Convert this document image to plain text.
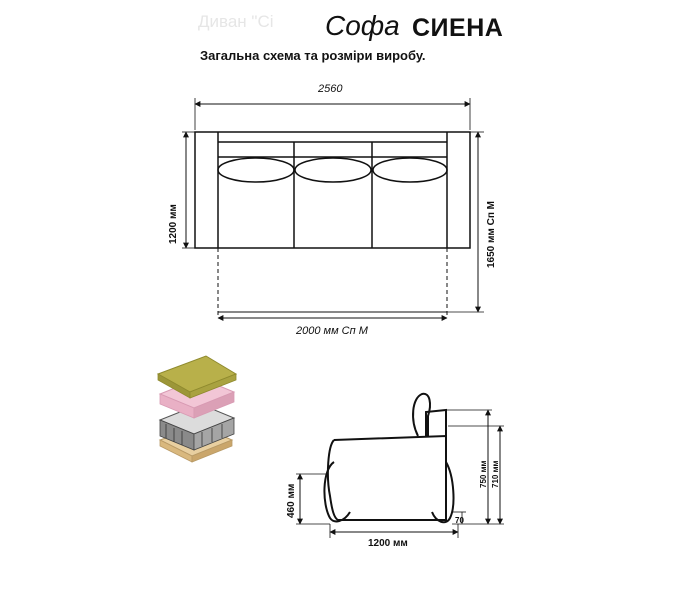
Диван "Сі Софа СИЕНА
Загальна схема та розміри виробу.
2560
1200 мм
2000 мм Сп М
1650 мм Сп М
460 мм
1200 мм
750 мм 710 мм
70
